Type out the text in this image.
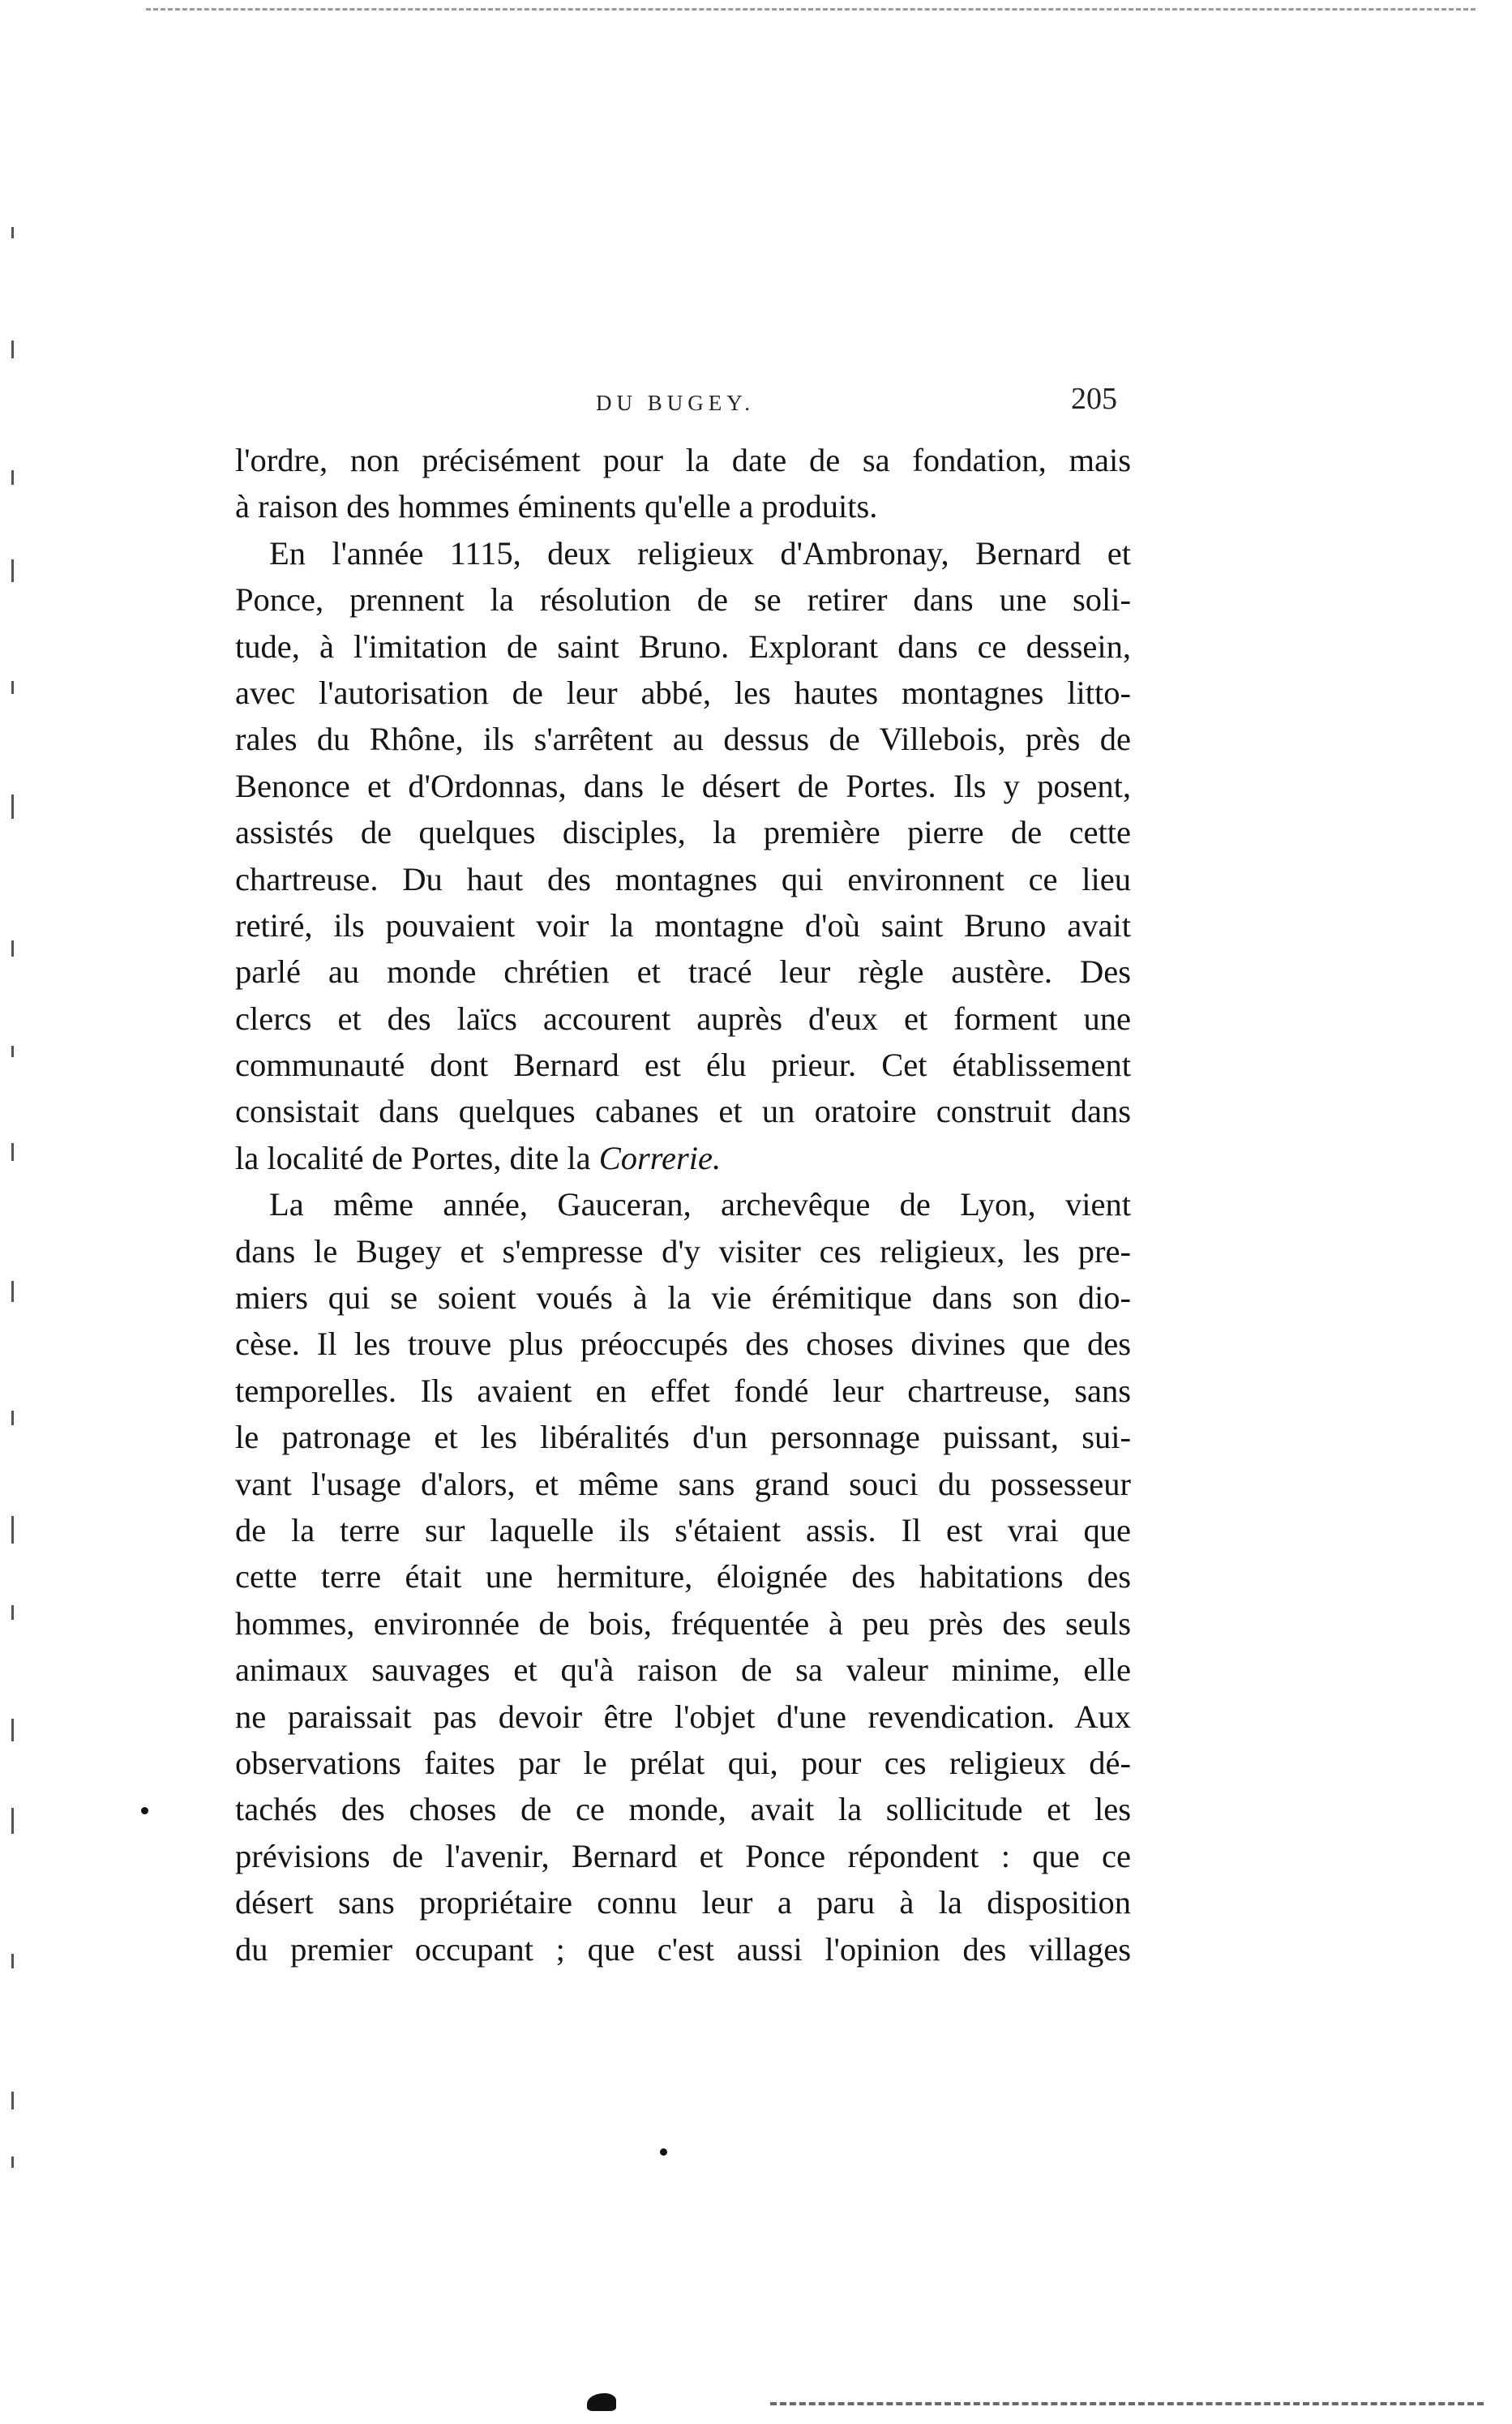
DU BUGEY.	205
l'ordre, non précisément pour la date de sa fondation, mais
à raison des hommes éminents qu'elle a produits.
En l'année 1115, deux religieux d'Ambronay, Bernard et
Ponce, prennent la résolution de se retirer dans une soli-
tude, à l'imitation de saint Bruno. Explorant dans ce dessein,
avec l'autorisation de leur abbé, les hautes montagnes litto-
rales du Rhône, ils s'arrêtent au dessus de Villebois, près de
Benonce et d'Ordonnas, dans le désert de Portes. Ils y posent,
assistés de quelques disciples, la première pierre de cette
chartreuse. Du haut des montagnes qui environnent ce lieu
retiré, ils pouvaient voir la montagne d'où saint Bruno avait
parlé au monde chrétien et tracé leur règle austère. Des
clercs et des laïcs accourent auprès d'eux et forment une
communauté dont Bernard est élu prieur. Cet établissement
consistait dans quelques cabanes et un oratoire construit dans
la localité de Portes, dite la Correrie.
La même année, Gauceran, archevêque de Lyon, vient
dans le Bugey et s'empresse d'y visiter ces religieux, les pre-
miers qui se soient voués à la vie érémitique dans son dio-
cèse. Il les trouve plus préoccupés des choses divines que des
temporelles. Ils avaient en effet fondé leur chartreuse, sans
le patronage et les libéralités d'un personnage puissant, sui-
vant l'usage d'alors, et même sans grand souci du possesseur
de la terre sur laquelle ils s'étaient assis. Il est vrai que
cette terre était une hermiture, éloignée des habitations des
hommes, environnée de bois, fréquentée à peu près des seuls
animaux sauvages et qu'à raison de sa valeur minime, elle
ne paraissait pas devoir être l'objet d'une revendication. Aux
observations faites par le prélat qui, pour ces religieux dé-
tachés des choses de ce monde, avait la sollicitude et les
prévisions de l'avenir, Bernard et Ponce répondent : que ce
désert sans propriétaire connu leur a paru à la disposition
du premier occupant ; que c'est aussi l'opinion des villages
